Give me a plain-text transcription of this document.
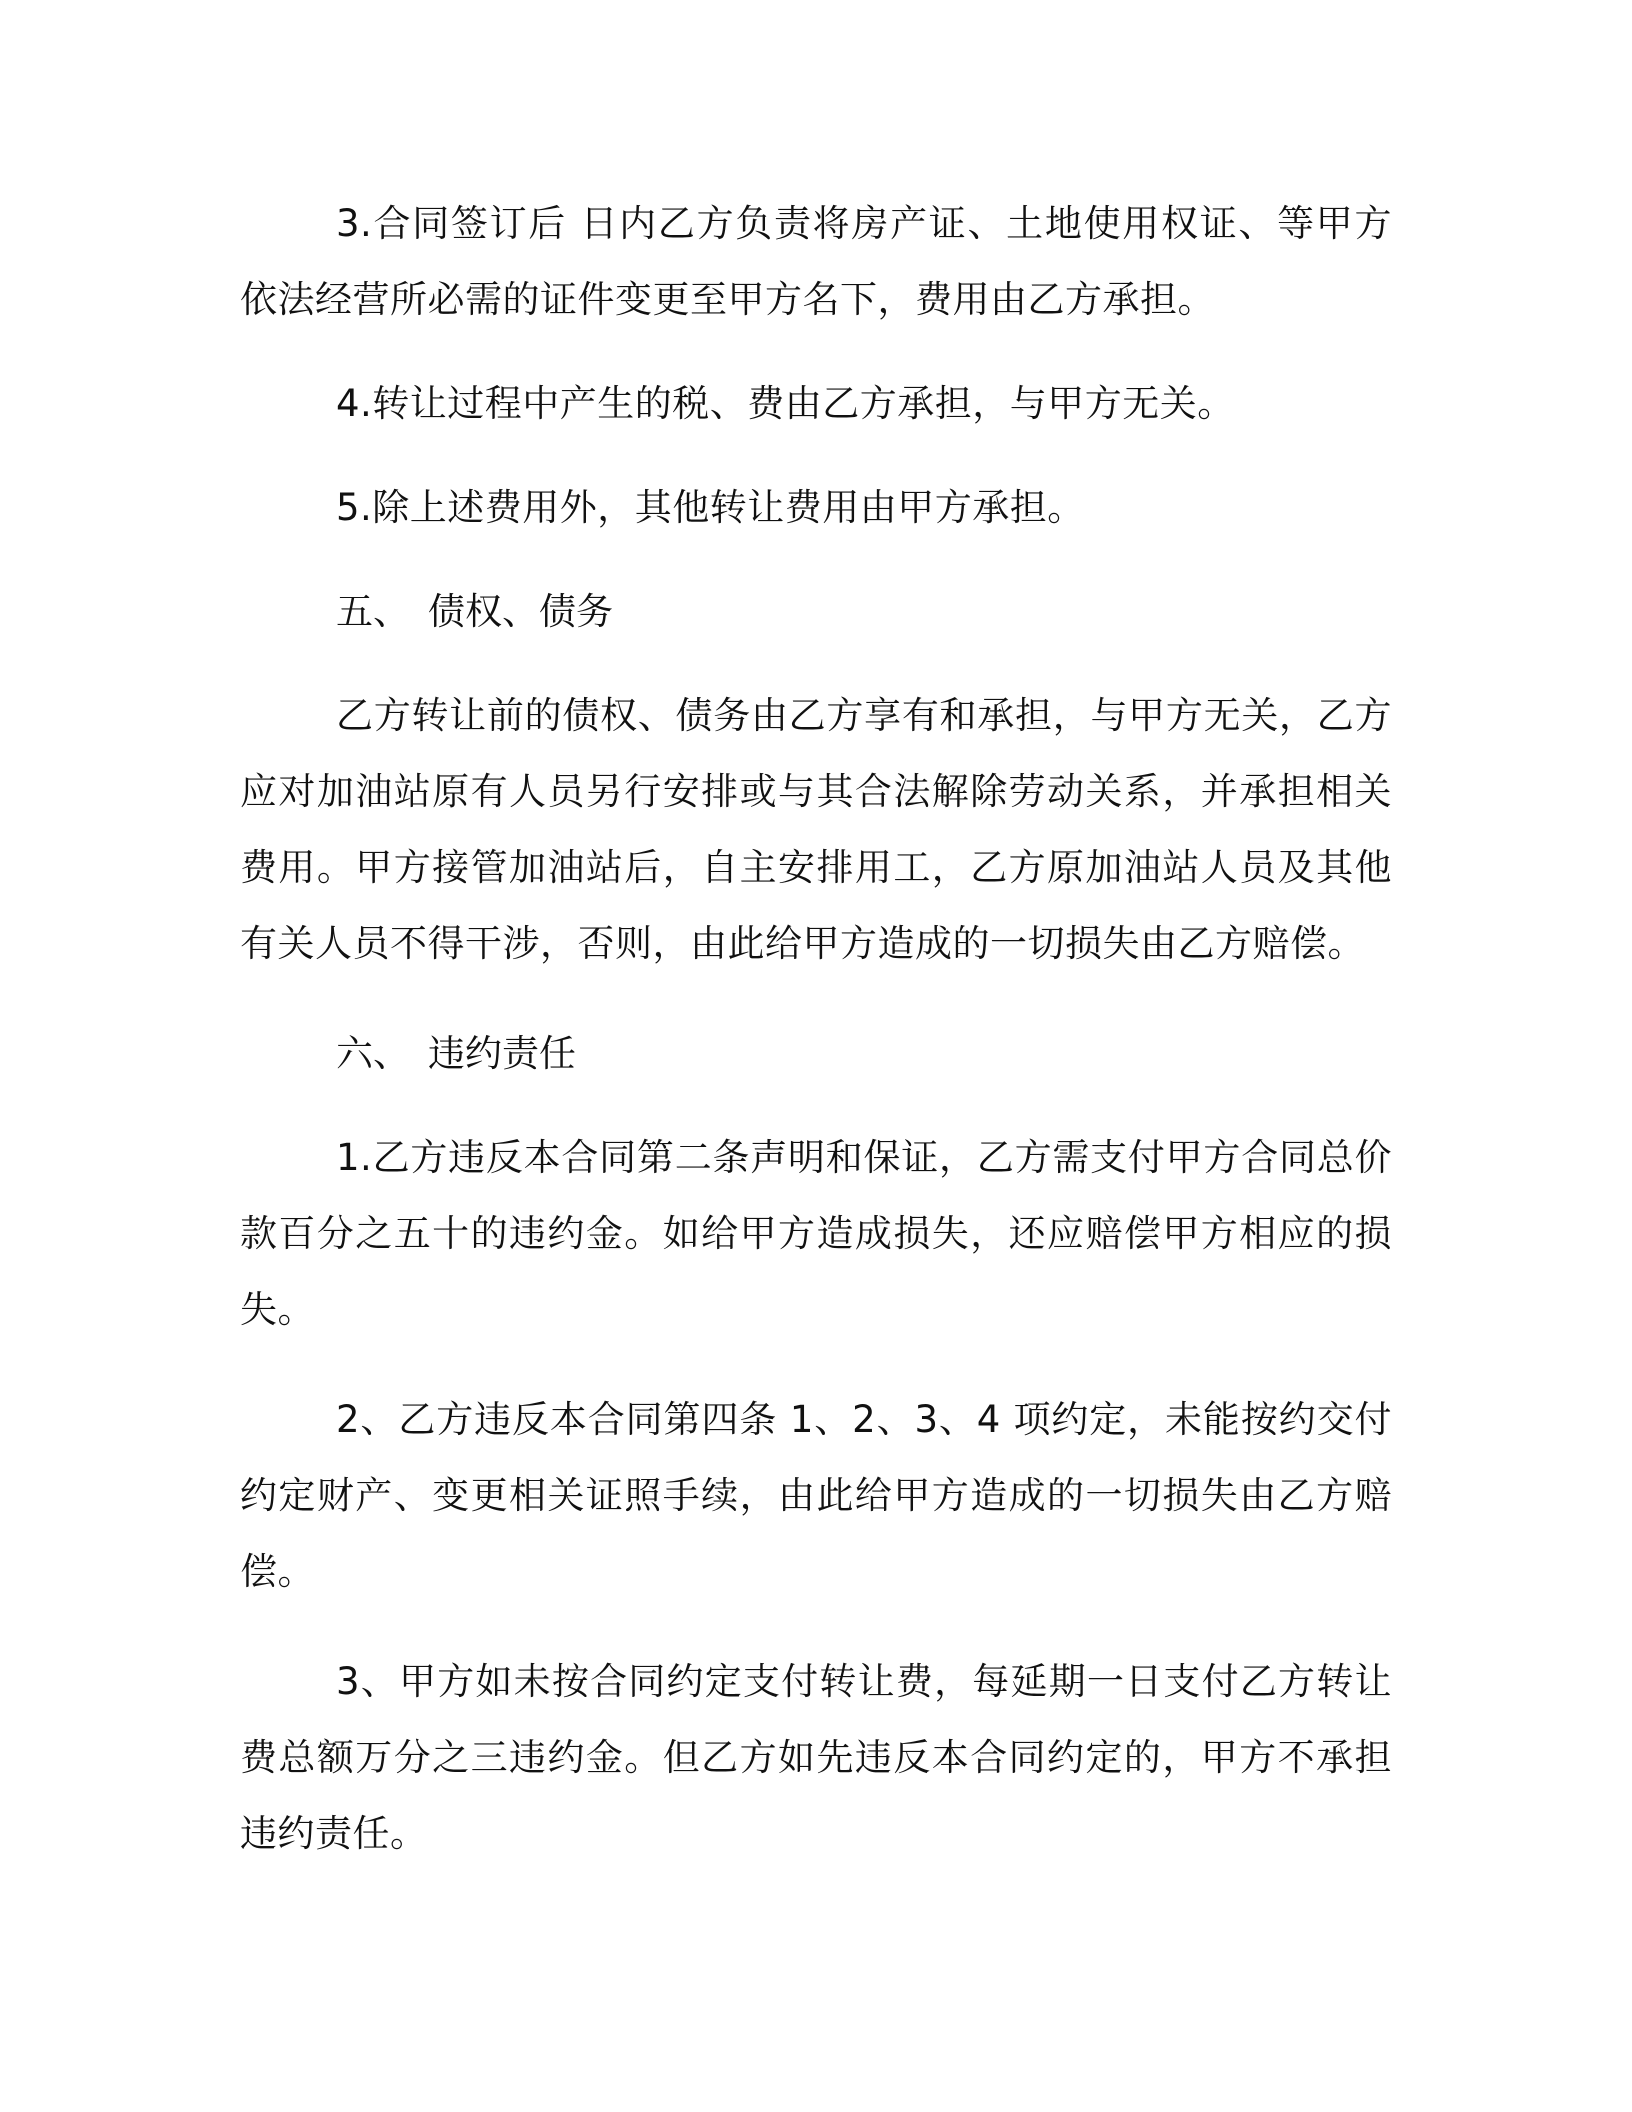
3.合同签订后 日内乙方负责将房产证、土地使用权证、等甲方依法经营所必需的证件变更至甲方名下，费用由乙方承担。

4.转让过程中产生的税、费由乙方承担，与甲方无关。

5.除上述费用外，其他转让费用由甲方承担。

五、 债权、债务

乙方转让前的债权、债务由乙方享有和承担，与甲方无关，乙方应对加油站原有人员另行安排或与其合法解除劳动关系，并承担相关费用。甲方接管加油站后，自主安排用工，乙方原加油站人员及其他有关人员不得干涉，否则，由此给甲方造成的一切损失由乙方赔偿。

六、 违约责任

1.乙方违反本合同第二条声明和保证，乙方需支付甲方合同总价款百分之五十的违约金。如给甲方造成损失，还应赔偿甲方相应的损失。

2、乙方违反本合同第四条 1、2、3、4 项约定，未能按约交付约定财产、变更相关证照手续，由此给甲方造成的一切损失由乙方赔偿。

3、甲方如未按合同约定支付转让费，每延期一日支付乙方转让费总额万分之三违约金。但乙方如先违反本合同约定的，甲方不承担违约责任。
